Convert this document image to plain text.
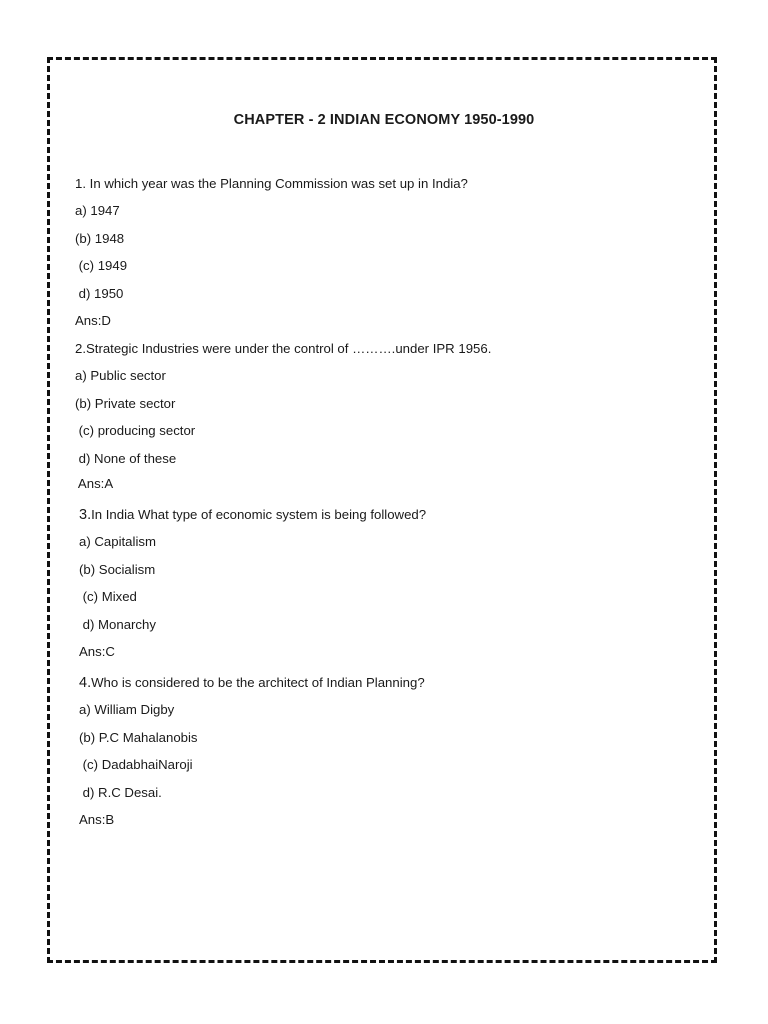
CHAPTER - 2 INDIAN ECONOMY 1950-1990
1. In which year was the Planning Commission was set up in India?
a) 1947
(b) 1948
(c) 1949
d) 1950
Ans:D
2.Strategic Industries were under the control of ……….under IPR 1956.
a) Public sector
(b) Private sector
(c) producing sector
d) None of these
Ans:A
3.In India What type of economic system is being followed?
a) Capitalism
(b) Socialism
(c) Mixed
d) Monarchy
Ans:C
4.Who is considered to be the architect of Indian Planning?
a) William Digby
(b) P.C Mahalanobis
(c) DadabhaiNaroji
d) R.C Desai.
Ans:B
